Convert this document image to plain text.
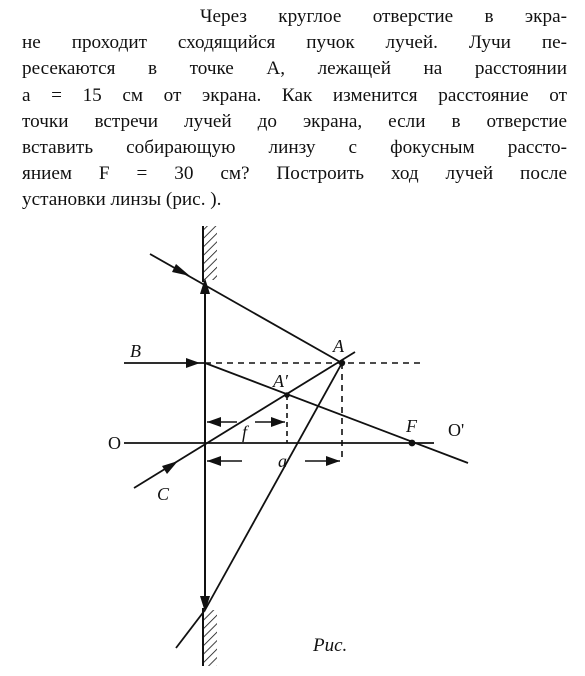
Через круглое отверстие в экра-
не проходит сходящийся пучок лучей. Лучи пе-
ресекаются в точке A, лежащей на расстоянии
a = 15 см от экрана. Как изменится расстояние от
точки встречи лучей до экрана, если в отверстие
вставить собирающую линзу с фокусным рассто-
янием F = 30 см? Построить ход лучей после
установки линзы (рис. ).
B	A
A′
O
O'
F
f
a
C
Рис.
